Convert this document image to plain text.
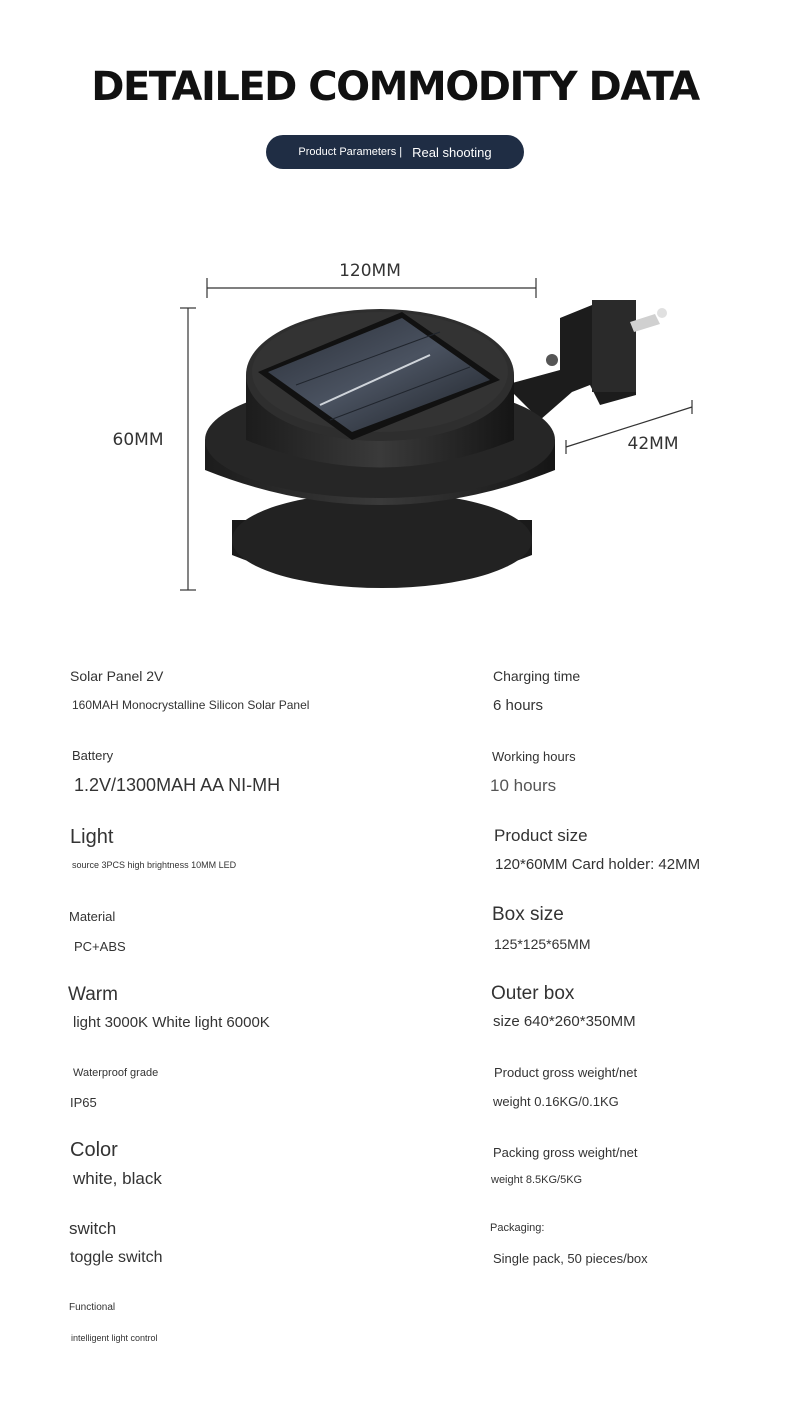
DETAILED COMMODITY DATA
Product Parameters | Real shooting
120MM
60MM	42MM
Solar Panel 2V
160MAH Monocrystalline Silicon Solar Panel
Battery
1.2V/1300MAH AA NI-MH
Light
source 3PCS high brightness 10MM LED
Material
PC+ABS
Warm
light 3000K White light 6000K
Waterproof grade
IP65
Color
white, black
switch
toggle switch
Functional
intelligent light control
Charging time
6 hours
Working hours
10 hours
Product size
120*60MM Card holder: 42MM
Box size
125*125*65MM
Outer box
size 640*260*350MM
Product gross weight/net
weight 0.16KG/0.1KG
Packing gross weight/net
weight 8.5KG/5KG
Packaging:
Single pack, 50 pieces/box
